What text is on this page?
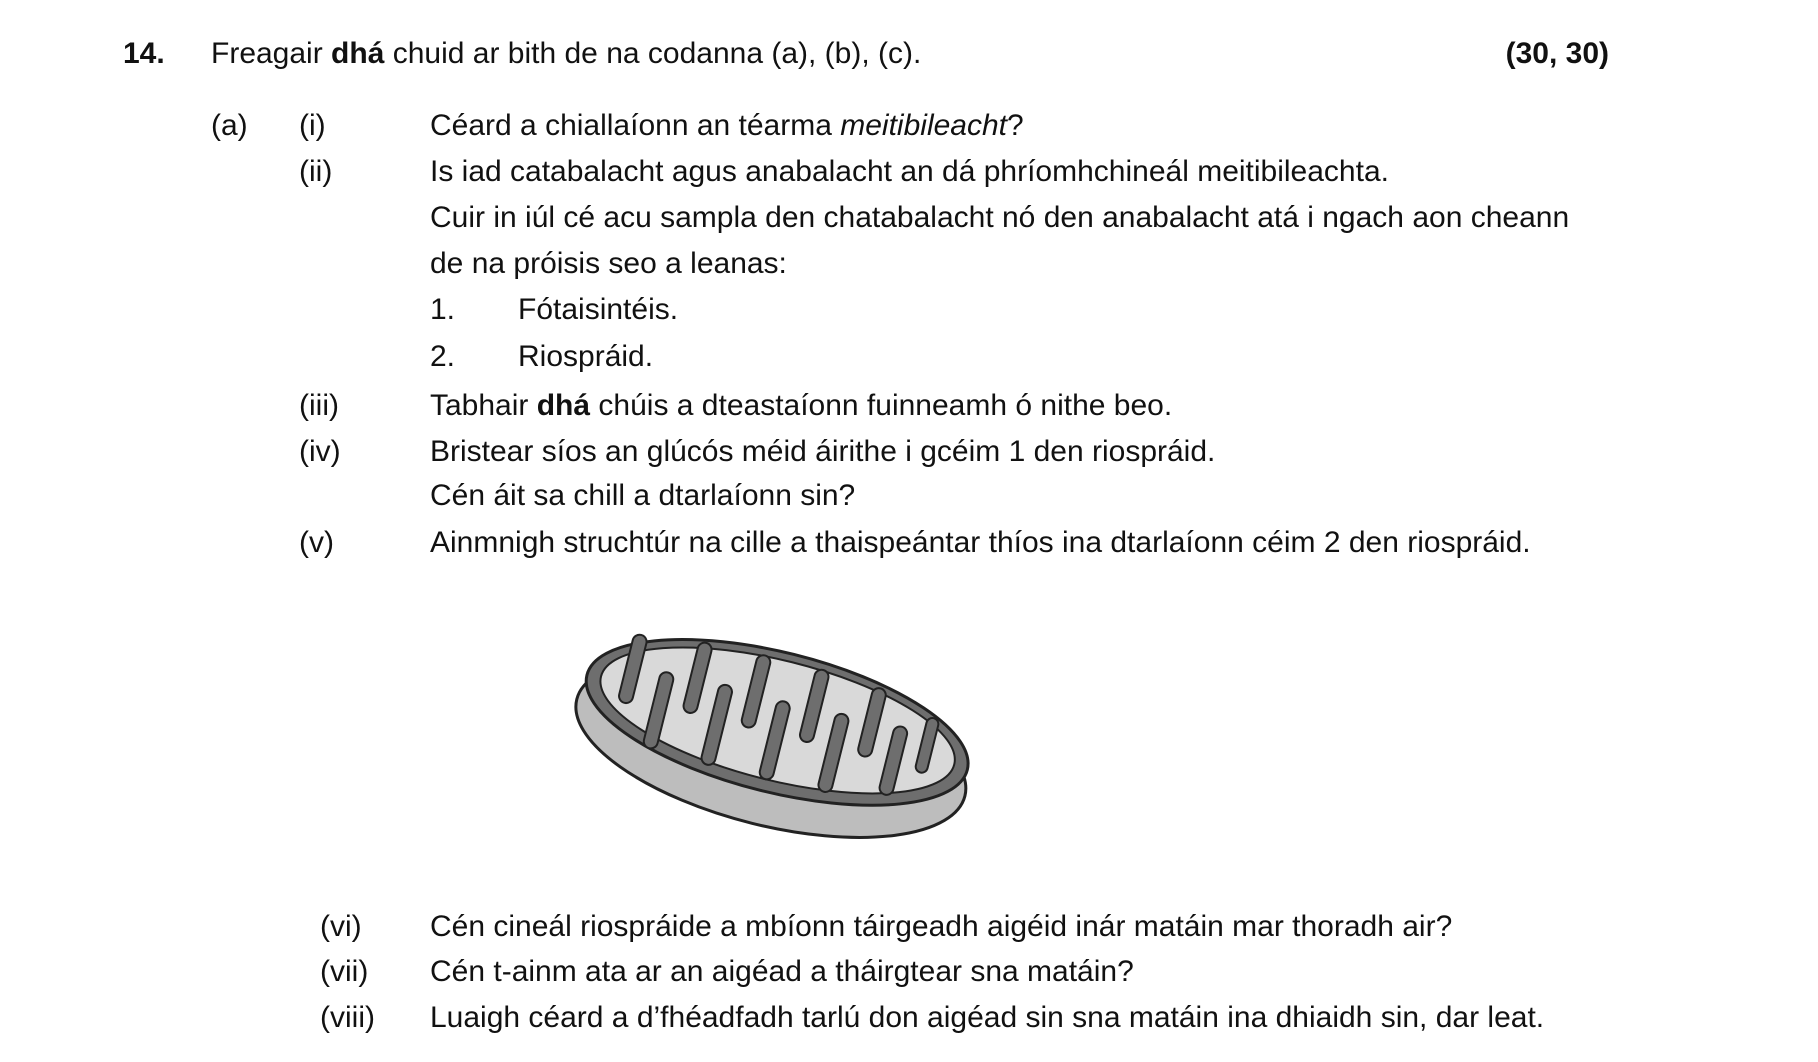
14. Freagair dhá chuid ar bith de na codanna (a), (b), (c).	(30, 30)
(a) (i)	Céard a chiallaíonn an téarma meitibileacht?
(ii)	Is iad catabalacht agus anabalacht an dá phríomhchineál meitibileachta.
Cuir in iúl cé acu sampla den chatabalacht nó den anabalacht atá i ngach aon cheann
de na próisis seo a leanas:
1. Fótaisintéis.
2. Riospráid.
(iii)	Tabhair dhá chúis a dteastaíonn fuinneamh ó nithe beo.
(iv)	Bristear síos an glúcós méid áirithe i gcéim 1 den riospráid.
Cén áit sa chill a dtarlaíonn sin?
(v)	Ainmnigh struchtúr na cille a thaispeántar thíos ina dtarlaíonn céim 2 den riospráid.
(vi) Cén cineál riospráide a mbíonn táirgeadh aigéid inár matáin mar thoradh air?
(vii) Cén t-ainm ata ar an aigéad a tháirgtear sna matáin?
(viii) Luaigh céard a d’fhéadfadh tarlú don aigéad sin sna matáin ina dhiaidh sin, dar leat.
